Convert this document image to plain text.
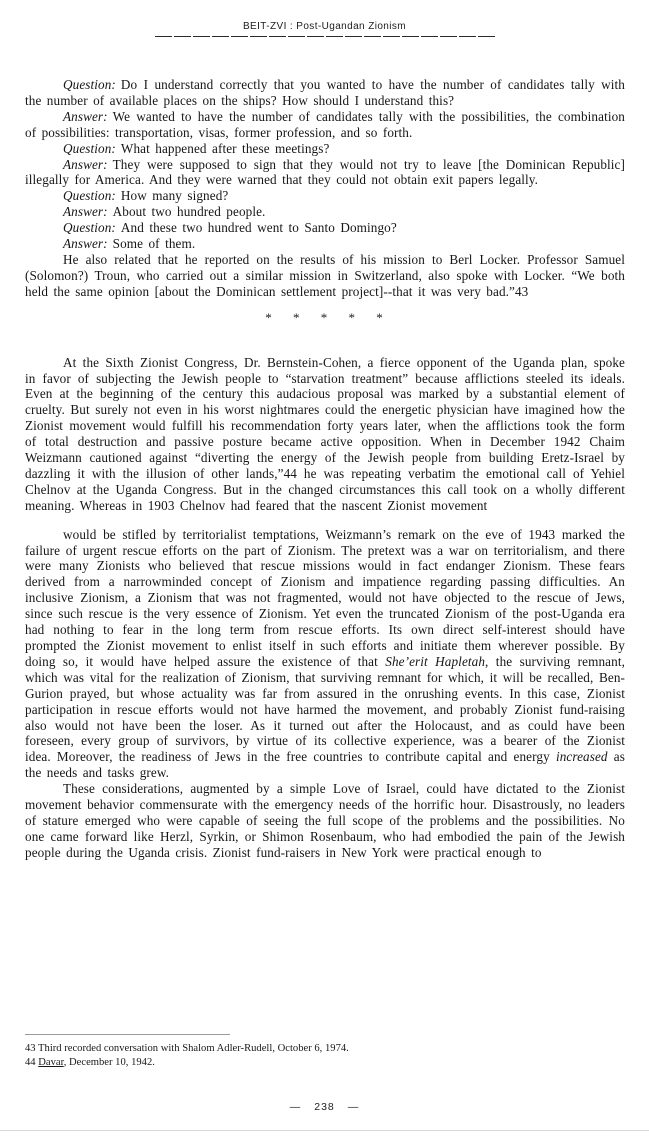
BEIT-ZVI : Post-Ugandan Zionism

Question: Do I understand correctly that you wanted to have the number of candidates tally with the number of available places on the ships? How should I understand this?

Answer: We wanted to have the number of candidates tally with the possibilities, the combination of possibilities: transportation, visas, former profession, and so forth.

Question: What happened after these meetings?

Answer: They were supposed to sign that they would not try to leave [the Dominican Republic] illegally for America. And they were warned that they could not obtain exit papers legally.

Question: How many signed?

Answer: About two hundred people.

Question: And these two hundred went to Santo Domingo?

Answer: Some of them.

He also related that he reported on the results of his mission to Berl Locker. Professor Samuel (Solomon?) Troun, who carried out a similar mission in Switzerland, also spoke with Locker. “We both held the same opinion [about the Dominican settlement project]--that it was very bad.”43

* * * * *

At the Sixth Zionist Congress, Dr. Bernstein-Cohen, a fierce opponent of the Uganda plan, spoke in favor of subjecting the Jewish people to “starvation treatment” because afflictions steeled its ideals. Even at the beginning of the century this audacious proposal was marked by a substantial element of cruelty. But surely not even in his worst nightmares could the energetic physician have imagined how the Zionist movement would fulfill his recommendation forty years later, when the afflictions took the form of total destruction and passive posture became active opposition. When in December 1942 Chaim Weizmann cautioned against “diverting the energy of the Jewish people from building Eretz-Israel by dazzling it with the illusion of other lands,”44 he was repeating verbatim the emotional call of Yehiel Chelnov at the Uganda Congress. But in the changed circumstances this call took on a wholly different meaning. Whereas in 1903 Chelnov had feared that the nascent Zionist movement

would be stifled by territorialist temptations, Weizmann’s remark on the eve of 1943 marked the failure of urgent rescue efforts on the part of Zionism. The pretext was a war on territorialism, and there were many Zionists who believed that rescue missions would in fact endanger Zionism. These fears derived from a narrowminded concept of Zionism and impatience regarding passing difficulties. An inclusive Zionism, a Zionism that was not fragmented, would not have objected to the rescue of Jews, since such rescue is the very essence of Zionism. Yet even the truncated Zionism of the post-Uganda era had nothing to fear in the long term from rescue efforts. Its own direct self-interest should have prompted the Zionist movement to enlist itself in such efforts and initiate them wherever possible. By doing so, it would have helped assure the existence of that She’erit Hapletah, the surviving remnant, which was vital for the realization of Zionism, that surviving remnant for which, it will be recalled, Ben-Gurion prayed, but whose actuality was far from assured in the onrushing events. In this case, Zionist participation in rescue efforts would not have harmed the movement, and probably Zionist fund-raising also would not have been the loser. As it turned out after the Holocaust, and as could have been foreseen, every group of survivors, by virtue of its collective experience, was a bearer of the Zionist idea. Moreover, the readiness of Jews in the free countries to contribute capital and energy increased as the needs and tasks grew.

These considerations, augmented by a simple Love of Israel, could have dictated to the Zionist movement behavior commensurate with the emergency needs of the horrific hour. Disastrously, no leaders of stature emerged who were capable of seeing the full scope of the problems and the possibilities. No one came forward like Herzl, Syrkin, or Shimon Rosenbaum, who had embodied the pain of the Jewish people during the Uganda crisis. Zionist fund-raisers in New York were practical enough to

43 Third recorded conversation with Shalom Adler-Rudell, October 6, 1974.

44 Davar, December 10, 1942.

— 238 —
